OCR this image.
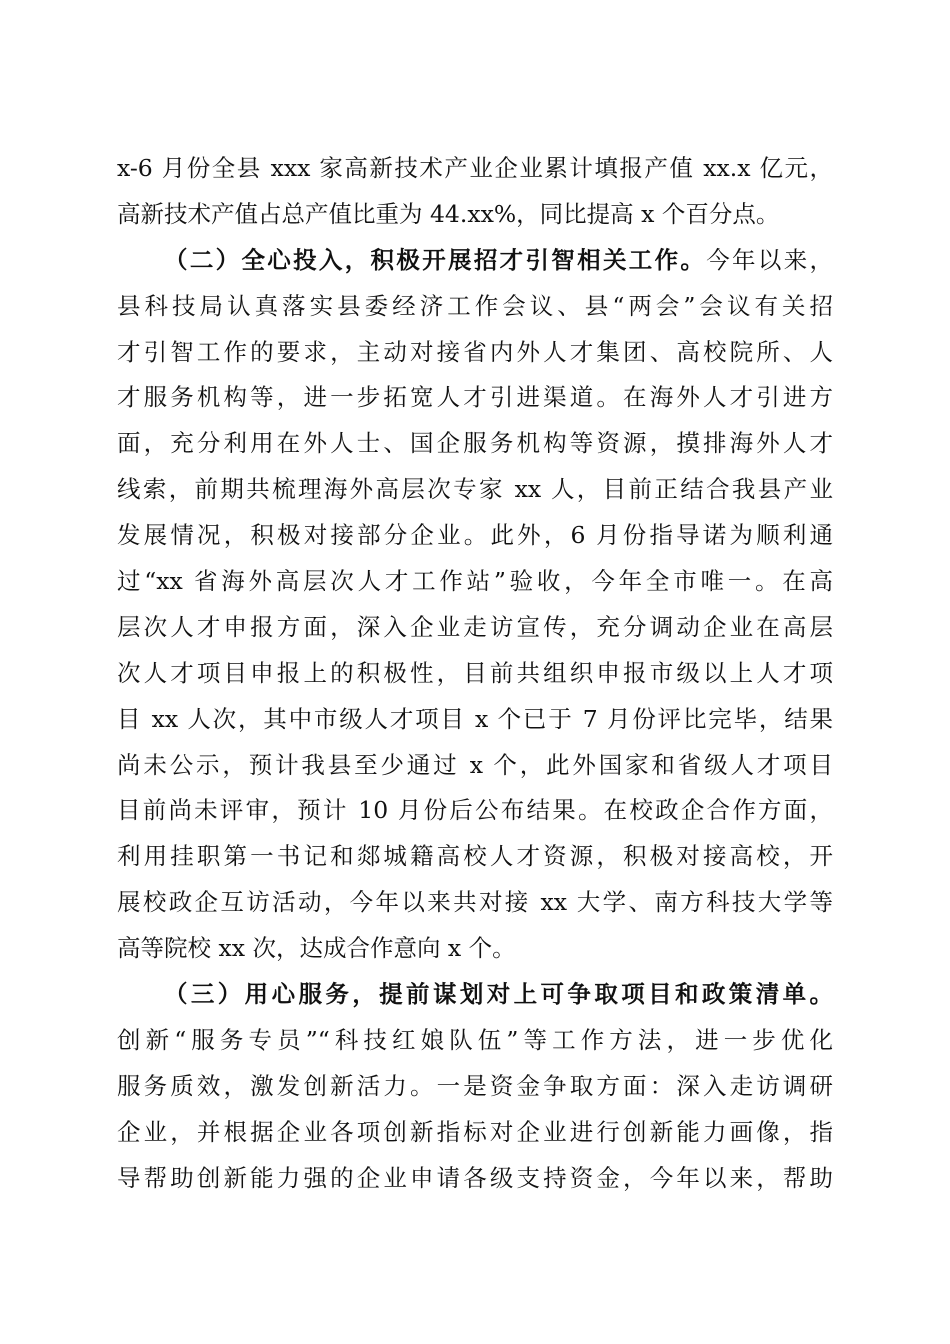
x-6 月份全县 xxx 家高新技术产业企业累计填报产值 xx.x 亿元，
高新技术产值占总产值比重为 44.xx%，同比提高 x 个百分点。
（二）全心投入，积极开展招才引智相关工作。今年以来，
县科技局认真落实县委经济工作会议、县“两会”会议有关招
才引智工作的要求，主动对接省内外人才集团、高校院所、人
才服务机构等，进一步拓宽人才引进渠道。在海外人才引进方
面，充分利用在外人士、国企服务机构等资源，摸排海外人才
线索，前期共梳理海外高层次专家 xx 人，目前正结合我县产业
发展情况，积极对接部分企业。此外，6 月份指导诺为顺利通
过“xx 省海外高层次人才工作站”验收，今年全市唯一。在高
层次人才申报方面，深入企业走访宣传，充分调动企业在高层
次人才项目申报上的积极性，目前共组织申报市级以上人才项
目 xx 人次，其中市级人才项目 x 个已于 7 月份评比完毕，结果
尚未公示，预计我县至少通过 x 个，此外国家和省级人才项目
目前尚未评审，预计 10 月份后公布结果。在校政企合作方面，
利用挂职第一书记和郯城籍高校人才资源，积极对接高校，开
展校政企互访活动，今年以来共对接 xx 大学、南方科技大学等
高等院校 xx 次，达成合作意向 x 个。
（三）用心服务，提前谋划对上可争取项目和政策清单。
创新“服务专员”“科技红娘队伍”等工作方法，进一步优化
服务质效，激发创新活力。一是资金争取方面：深入走访调研
企业，并根据企业各项创新指标对企业进行创新能力画像，指
导帮助创新能力强的企业申请各级支持资金，今年以来，帮助
